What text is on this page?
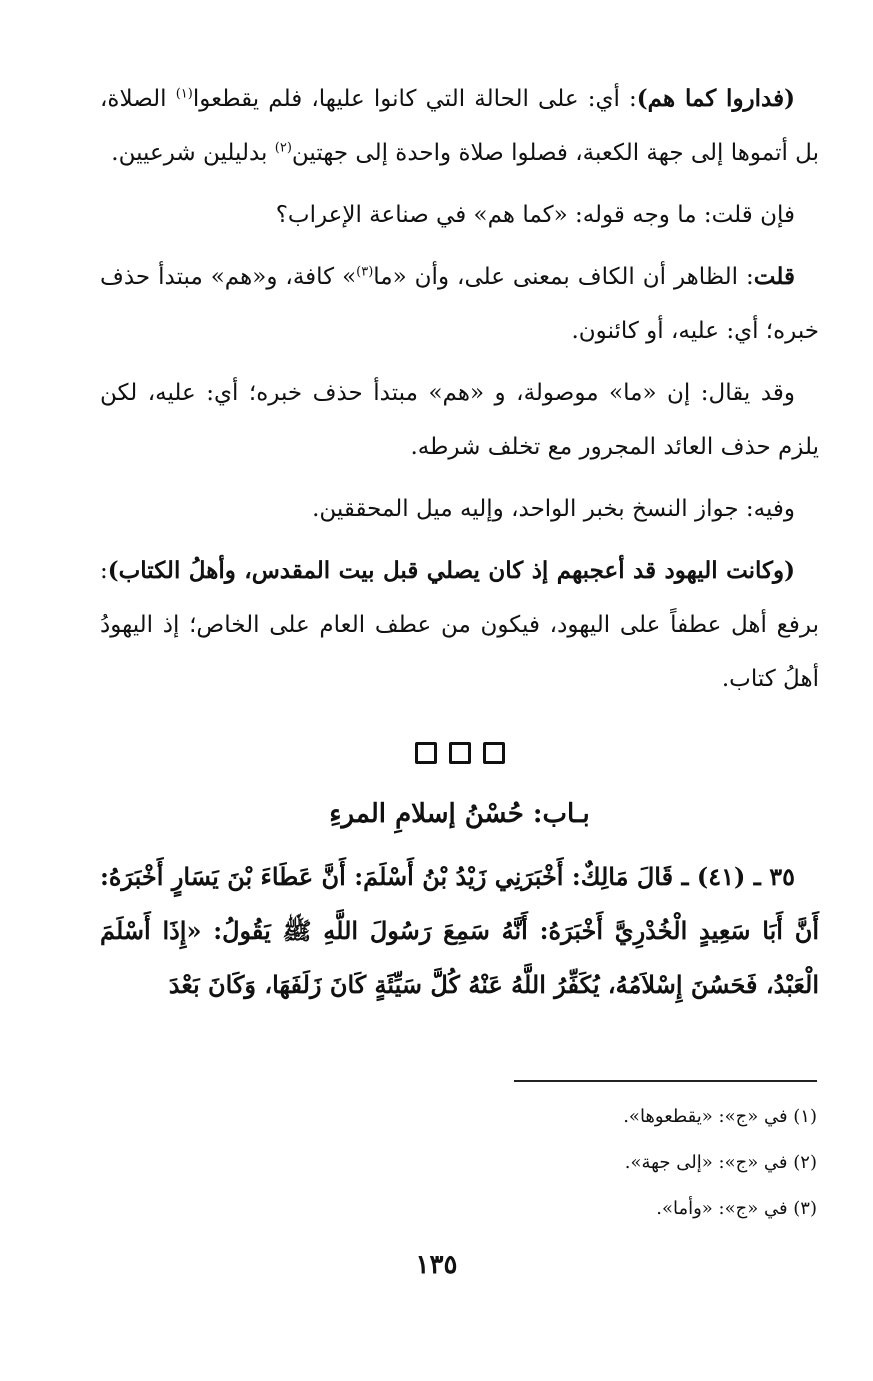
(فداروا كما هم): أي: على الحالة التي كانوا عليها، فلم يقطعوا$^{(١)}$ الصلاة، بل أتموها إلى جهة الكعبة، فصلوا صلاة واحدة إلى جهتين$^{(٢)}$ بدليلين شرعيين.

فإن قلت: ما وجه قوله: «كما هم» في صناعة الإعراب؟

قلت: الظاهر أن الكاف بمعنى على، وأن «ما$^{(٣)}$» كافة، و«هم» مبتدأ حذف خبره؛ أي: عليه، أو كائنون.

وقد يقال: إن «ما» موصولة، و «هم» مبتدأ حذف خبره؛ أي: عليه، لكن يلزم حذف العائد المجرور مع تخلف شرطه.

وفيه: جواز النسخ بخبر الواحد، وإليه ميل المحققين.

(وكانت اليهود قد أعجبهم إذ كان يصلي قبل بيت المقدس، وأهلُ الكتاب): برفع أهل عطفاً على اليهود، فيكون من عطف العام على الخاص؛ إذ اليهودُ أهلُ كتاب.

بـاب: حُسْنُ إسلامِ المرءِ

٣٥ ـ (٤١) ـ قَالَ مَالِكٌ: أَخْبَرَنِي زَيْدُ بْنُ أَسْلَمَ: أَنَّ عَطَاءَ بْنَ يَسَارٍ أَخْبَرَهُ: أَنَّ أَبَا سَعِيدٍ الْخُدْرِيَّ أَخْبَرَهُ: أَنَّهُ سَمِعَ رَسُولَ اللَّهِ ﷺ يَقُولُ: «إِذَا أَسْلَمَ الْعَبْدُ، فَحَسُنَ إِسْلاَمُهُ، يُكَفِّرُ اللَّهُ عَنْهُ كُلَّ سَيِّئَةٍ كَانَ زَلَفَهَا، وَكَانَ بَعْدَ

(١) في «ج»: «يقطعوها».
(٢) في «ج»: «إلى جهة».
(٣) في «ج»: «وأما».
١٣٥
